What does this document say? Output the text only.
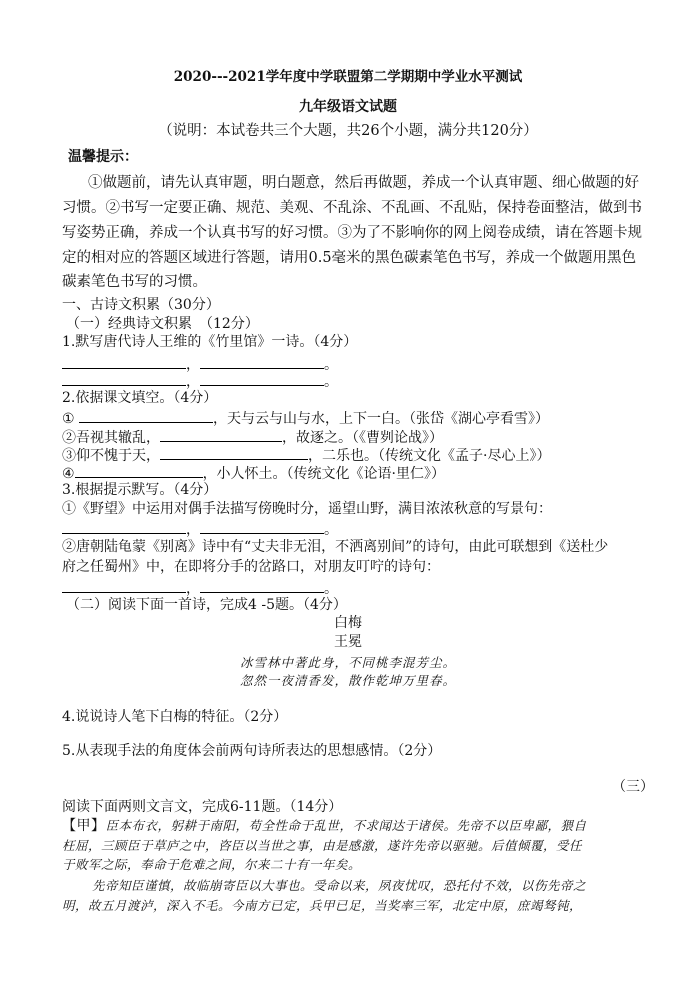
2020---2021学年度中学联盟第二学期期中学业水平测试
九年级语文试题
（说明：本试卷共三个大题，共26个小题，满分共120分）
温馨提示：
①做题前，请先认真审题，明白题意，然后再做题，养成一个认真审题、细心做题的好
习惯。②书写一定要正确、规范、美观、不乱涂、不乱画、不乱贴，保持卷面整洁，做到书
写姿势正确，养成一个认真书写的好习惯。③为了不影响你的网上阅卷成绩，请在答题卡规
定的相对应的答题区域进行答题，请用0.5毫米的黑色碳素笔色书写，养成一个做题用黑色
碳素笔色书写的习惯。
一、古诗文积累（30分）
（一）经典诗文积累　（12分）
1.默写唐代诗人王维的《竹里馆》一诗。（4分）
，	。
，	。
2.依据课文填空。（4分）
①	，天与云与山与水，上下一白。（张岱《湖心亭看雪》）
②吾视其辙乱，	，故逐之。（《曹刿论战》）
③仰不愧于天，	，二乐也。（传统文化《孟子·尽心上》）
④	，小人怀土。（传统文化《论语·里仁》）
3.根据提示默写。（4分）
①《野望》中运用对偶手法描写傍晚时分，遥望山野，满目浓浓秋意的写景句：
，	。
②唐朝陆龟蒙《别离》诗中有“丈夫非无泪，不洒离别间”的诗句，由此可联想到《送杜少
府之任蜀州》中，在即将分手的岔路口，对朋友叮咛的诗句：
，	。
（二）阅读下面一首诗，完成4 -5题。（4分）
白梅
王冕
冰雪林中著此身，不同桃李混芳尘。
忽然一夜清香发，散作乾坤万里春。
4.说说诗人笔下白梅的特征。（2分）
5.从表现手法的角度体会前两句诗所表达的思想感情。（2分）
（三）
阅读下面两则文言文，完成6-11题。（14分）
【甲】臣本布衣，躬耕于南阳，苟全性命于乱世，不求闻达于诸侯。先帝不以臣卑鄙，猥自
枉屈，三顾臣于草庐之中，咨臣以当世之事，由是感激，遂许先帝以驱驰。后值倾覆，受任
于败军之际，奉命于危难之间，尔来二十有一年矣。
先帝知臣谨慎，故临崩寄臣以大事也。受命以来，夙夜忧叹，恐托付不效，以伤先帝之
明，故五月渡泸，深入不毛。今南方已定，兵甲已足，当奖率三军，北定中原，庶竭驽钝，
